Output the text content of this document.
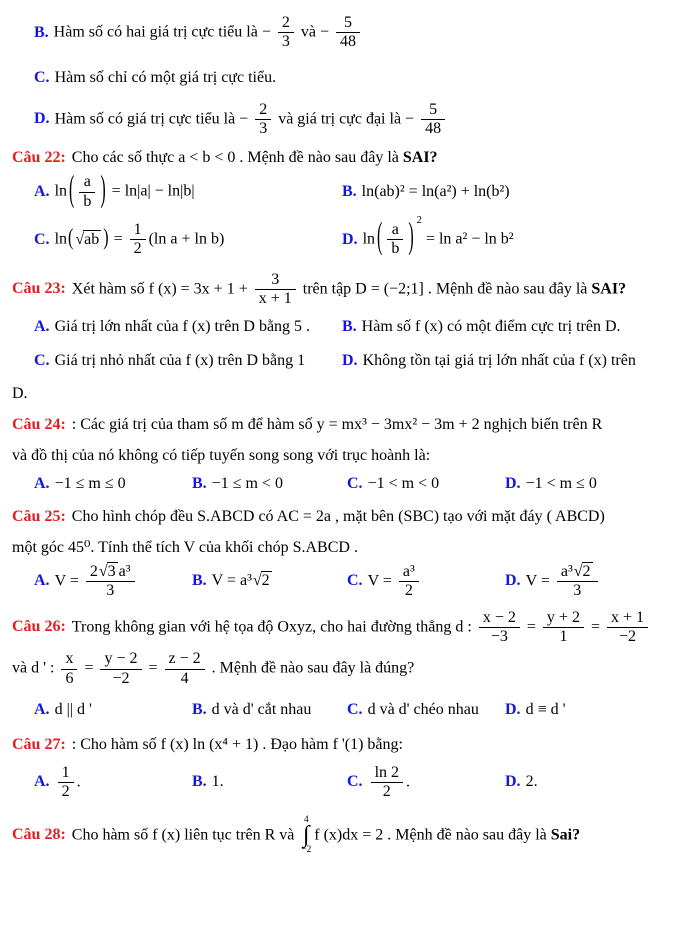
B. Hàm số có hai giá trị cực tiểu là − $\frac{2}{3}$ và − $\frac{5}{48}$
C. Hàm số chỉ có một giá trị cực tiểu.
D. Hàm số có giá trị cực tiểu là − $\frac{2}{3}$ và giá trị cực đại là − $\frac{5}{48}$
Câu 22: Cho các số thực a < b < 0 . Mệnh đề nào sau đây là SAI?
A. ln ( $\frac{a}{b}$ ) = ln|a| − ln|b|	B. ln(ab)² = ln(a²) + ln(b²)
C. ln( √ab ) = $\frac{1}{2} (\ln$ a + ln b)	D. ln ( $\frac{a}{b}$ ) $^2$ = ln a² − ln b²
Câu 23: Xét hàm số f $(x) = 3x + 1 + \frac{3}{x + 1}$ trên tập D = (−2;1] . Mệnh đề nào sau đây là SAI?
A. Giá trị lớn nhất của f (x) trên D bằng 5 .	B. Hàm số f (x) có một điểm cực trị trên D.
C. Giá trị nhỏ nhất của f (x) trên D bằng 1	D. Không tồn tại giá trị lớn nhất của f (x) trên
D.
Câu 24: : Các giá trị của tham số m để hàm số y = mx³ − 3mx² − 3m + 2 nghịch biến trên R
và đồ thị của nó không có tiếp tuyến song song với trục hoành là:
A. −1 ≤ m ≤ 0	B. −1 ≤ m < 0	C. −1 < m < 0	D. −1 < m ≤ 0
Câu 25: Cho hình chóp đều S.ABCD có AC = 2a , mặt bên (SBC) tạo với mặt đáy ( ABCD)
một góc 45⁰. Tính thể tích V của khối chóp S.ABCD .
A. $V = \frac{\text{2√3 a³}}{3}$	B. V = a³√2	C. $V = \frac{\text{a³}}{2}$	D. $V = \frac{\text{a³√2}}{3}$
Câu 26: Trong không gian với hệ tọa độ Oxyz, cho hai đường thẳng d : $\frac{x - 2}{-3} = \frac{y + 2}{1} = \frac{x + 1}{-2}$
và d ' : $\frac{x}{6} = \frac{y - 2}{-2} = \frac{z - 2}{4}$ . Mệnh đề nào sau đây là đúng?
A. d || d '	B. d và d' cắt nhau	C. d và d' chéo nhau	D. d ≡ d '
Câu 27: : Cho hàm số f (x) ln (x⁴ + 1) . Đạo hàm f '(1) bằng:
A. $\frac{1}{2}$ .	B. 1.	C. $\frac{\ln 2}{2}$ .	D. 2.
Câu 28: Cho hàm số f (x) liên tục trên R và
4
∫
−2
f (x)dx = 2 . Mệnh đề nào sau đây là Sai?
